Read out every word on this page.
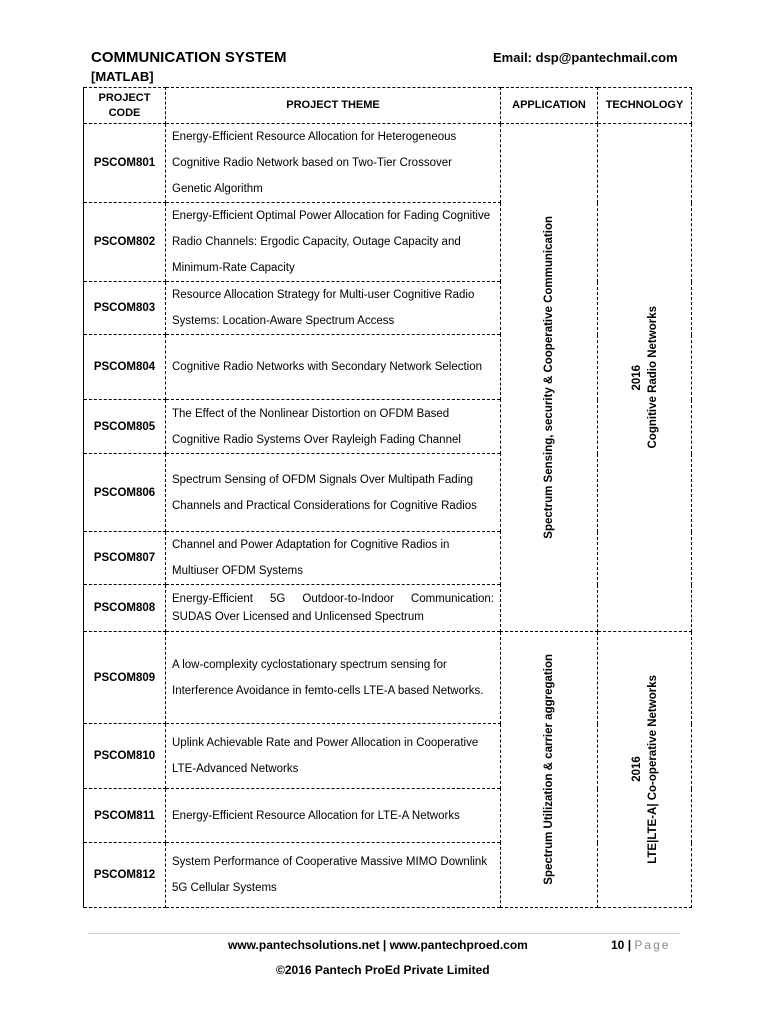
COMMUNICATION SYSTEM
[MATLAB]
Email: dsp@pantechmail.com
PROJECT CODE	PROJECT THEME	APPLICATION	TECHNOLOGY
PSCOM801	Energy-Efficient Resource Allocation for Heterogeneous Cognitive Radio Network based on Two-Tier Crossover Genetic Algorithm	Spectrum Sensing, security & Cooperative Communication	2016 Cognitive Radio Networks

PSCOM802	Energy-Efficient Optimal Power Allocation for Fading Cognitive Radio Channels: Ergodic Capacity, Outage Capacity and Minimum-Rate Capacity		
PSCOM803	Resource Allocation Strategy for Multi-user Cognitive Radio Systems: Location-Aware Spectrum Access		
PSCOM804	Cognitive Radio Networks with Secondary Network Selection		
PSCOM805	The Effect of the Nonlinear Distortion on OFDM Based Cognitive Radio Systems Over Rayleigh Fading Channel		
PSCOM806	Spectrum Sensing of OFDM Signals Over Multipath Fading Channels and Practical Considerations for Cognitive Radios		
PSCOM807	Channel and Power Adaptation for Cognitive Radios in Multiuser OFDM Systems		
PSCOM808	Energy-Efficient 5G Outdoor-to-Indoor Communication: SUDAS Over Licensed and Unlicensed Spectrum		
PSCOM809	A low-complexity cyclostationary spectrum sensing for Interference Avoidance in femto-cells LTE-A based Networks.	Spectrum Utilization & carrier aggregation	2016 LTE|LTE-A| Co-operative Networks

PSCOM810	Uplink Achievable Rate and Power Allocation in Cooperative LTE-Advanced Networks		
PSCOM811	Energy-Efficient Resource Allocation for LTE-A Networks		
PSCOM812	System Performance of Cooperative Massive MIMO Downlink 5G Cellular Systems		
www.pantechsolutions.net | www.pantechproed.com	10 | Page
©2016 Pantech ProEd Private Limited
